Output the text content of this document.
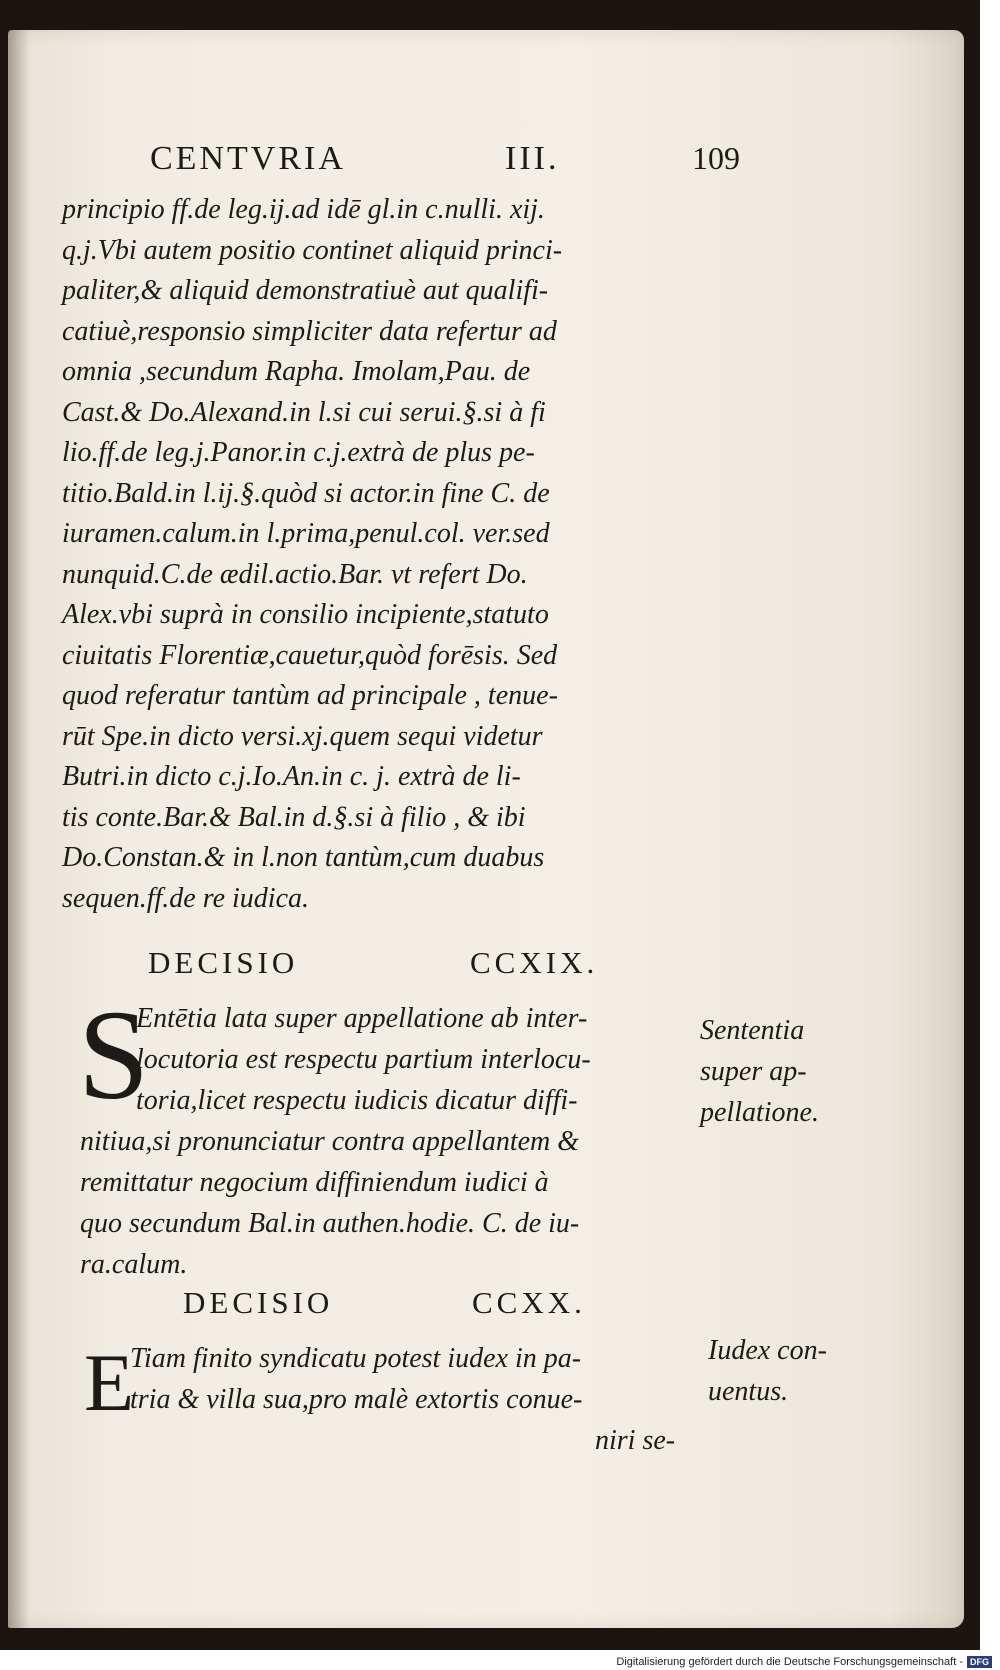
CENTVRIA	III.	109
principio ff.de leg.ij.ad idē gl.in c.nulli. xij.
q.j.Vbi autem positio continet aliquid princi-
paliter,& aliquid demonstratiuè aut qualifi-
catiuè,responsio simpliciter data refertur ad
omnia ,secundum Rapha. Imolam,Pau. de
Cast.& Do.Alexand.in l.si cui serui.§.si à fi
lio.ff.de leg.j.Panor.in c.j.extrà de plus pe-
titio.Bald.in l.ij.§.quòd si actor.in fine C. de
iuramen.calum.in l.prima,penul.col. ver.sed
nunquid.C.de ædil.actio.Bar. vt refert Do.
Alex.vbi suprà in consilio incipiente,statuto
ciuitatis Florentiæ,cauetur,quòd forēsis. Sed
quod referatur tantùm ad principale , tenue-
rūt Spe.in dicto versi.xj.quem sequi videtur
Butri.in dicto c.j.Io.An.in c. j. extrà de li-
tis conte.Bar.& Bal.in d.§.si à filio , & ibi
Do.Constan.& in l.non tantùm,cum duabus
sequen.ff.de re iudica.
DECISIO	CCXIX.
S
Entētia lata super appellatione ab inter-
locutoria est respectu partium interlocu-
toria,licet respectu iudicis dicatur diffi-
nitiua,si pronunciatur contra appellantem &
remittatur negocium diffiniendum iudici à
quo secundum Bal.in authen.hodie. C. de iu-
ra.calum.
Sententia
super ap-
pellatione.
DECISIO	CCXX.
E
Tiam finito syndicatu potest iudex in pa-
tria & villa sua,pro malè extortis conue-
niri se-
Iudex con-
uentus.
Digitalisierung gefördert durch die Deutsche Forschungsgemeinschaft - DFG
